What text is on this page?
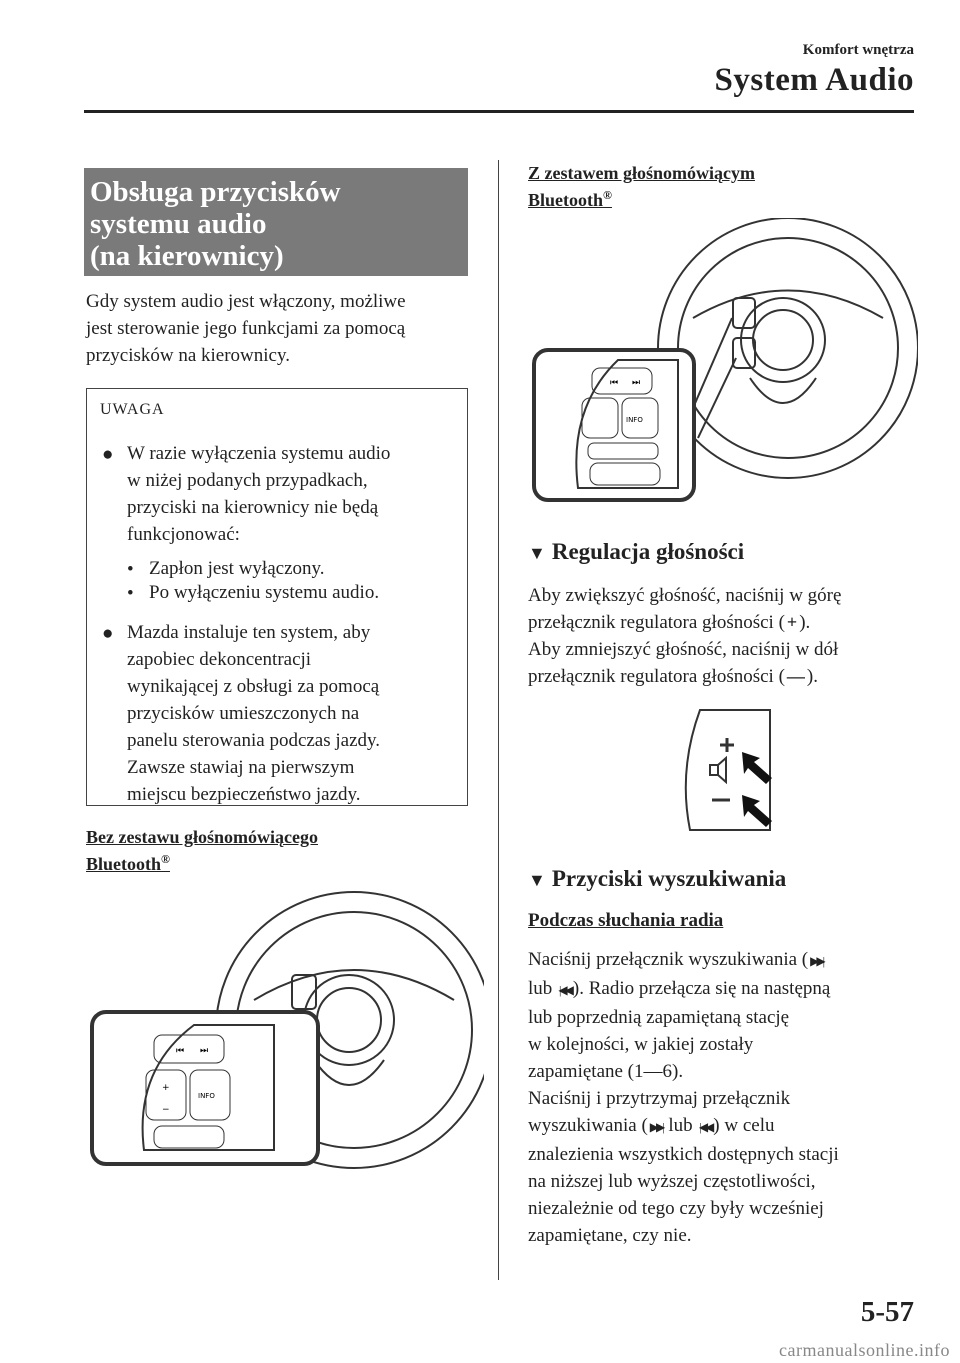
Komfort wnętrza
System Audio
Obsługa przycisków
systemu audio
(na kierownicy)
Gdy system audio jest włączony, możliwe
jest sterowanie jego funkcjami za pomocą
przycisków na kierownicy.
UWAGA
● W razie wyłączenia systemu audio
w niżej podanych przypadkach,
przyciski na kierownicy nie będą
funkcjonować:
• Zapłon jest wyłączony.
• Po wyłączeniu systemu audio.
● Mazda instaluje ten system, aby
zapobiec dekoncentracji
wynikającej z obsługi za pomocą
przycisków umieszczonych na
panelu sterowania podczas jazdy.
Zawsze stawiaj na pierwszym
miejscu bezpieczeństwo jazdy.
Bez zestawu głośnomówiącego
Bluetooth®
⏮ ⏭
+
−
INFO
Z zestawem głośnomówiącym
Bluetooth®
⏮ ⏭
INFO
▼ Regulacja głośności
Aby zwiększyć głośność, naciśnij w górę
przełącznik regulatora głośności ( + ).
Aby zmniejszyć głośność, naciśnij w dół
przełącznik regulatora głośności ( — ).
▼ Przyciski wyszukiwania
Podczas słuchania radia
Naciśnij przełącznik wyszukiwania ( ▶▶|
lub |◀◀ ). Radio przełącza się na następną
lub poprzednią zapamiętaną stację
w kolejności, w jakiej zostały
zapamiętane (1―6).
Naciśnij i przytrzymaj przełącznik
wyszukiwania ( ▶▶| lub |◀◀ ) w celu
znalezienia wszystkich dostępnych stacji
na niższej lub wyższej częstotliwości,
niezależnie od tego czy były wcześniej
zapamiętane, czy nie.
5-57
carmanualsonline.info
